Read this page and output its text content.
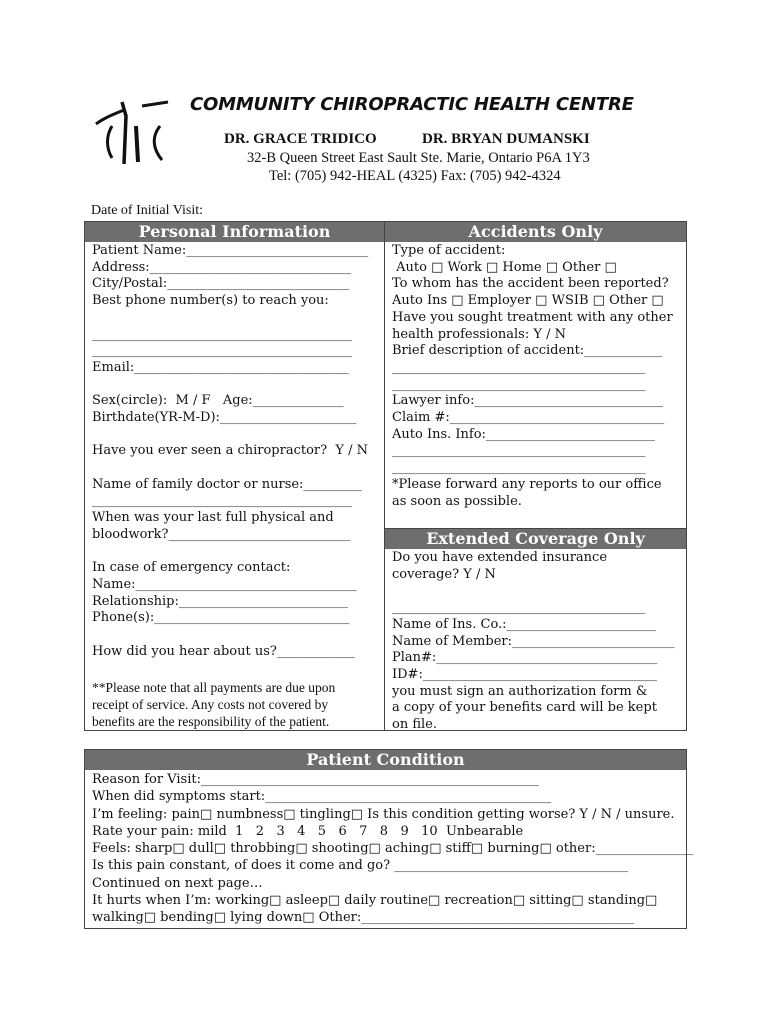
COMMUNITY CHIROPRACTIC HEALTH CENTRE
DR. GRACE TRIDICO	DR. BRYAN DUMANSKI
32-B Queen Street East Sault Ste. Marie, Ontario P6A 1Y3
Tel: (705) 942-HEAL (4325) Fax: (705) 942-4324
Date of Initial Visit:
Personal Information
Patient Name:____________________________
Address:_______________________________
City/Postal:____________________________
Best phone number(s) to reach you:
________________________________________
________________________________________
Email:_________________________________
Sex(circle):  M / F   Age:______________
Birthdate(YR-M-D):_____________________
Have you ever seen a chiropractor?  Y / N
Name of family doctor or nurse:_________
________________________________________
When was your last full physical and
bloodwork?____________________________
In case of emergency contact:
Name:__________________________________
Relationship:__________________________
Phone(s):______________________________
How did you hear about us?____________
**Please note that all payments are due upon
receipt of service. Any costs not covered by
benefits are the responsibility of the patient.
Accidents Only
Type of accident:
Auto □ Work □ Home □ Other □
To whom has the accident been reported?
Auto Ins □ Employer □ WSIB □ Other □
Have you sought treatment with any other
health professionals: Y / N
Brief description of accident:____________
_______________________________________
_______________________________________
Lawyer info:_____________________________
Claim #:_________________________________
Auto Ins. Info:__________________________
_______________________________________
_______________________________________
*Please forward any reports to our office
as soon as possible.
Extended Coverage Only
Do you have extended insurance
coverage? Y / N
_______________________________________
Name of Ins. Co.:_______________________
Name of Member:_________________________
Plan#:__________________________________
ID#:____________________________________
you must sign an authorization form &
a copy of your benefits card will be kept
on file.
Patient Condition
Reason for Visit:____________________________________________________
When did symptoms start:____________________________________________
I’m feeling: pain□ numbness□ tingling□ Is this condition getting worse? Y / N / unsure.
Rate your pain: mild  1   2   3   4   5   6   7   8   9   10  Unbearable
Feels: sharp□ dull□ throbbing□ shooting□ aching□ stiff□ burning□ other:_______________
Is this pain constant, of does it come and go? ____________________________________
Continued on next page…
It hurts when I’m: working□ asleep□ daily routine□ recreation□ sitting□ standing□
walking□ bending□ lying down□ Other:__________________________________________
